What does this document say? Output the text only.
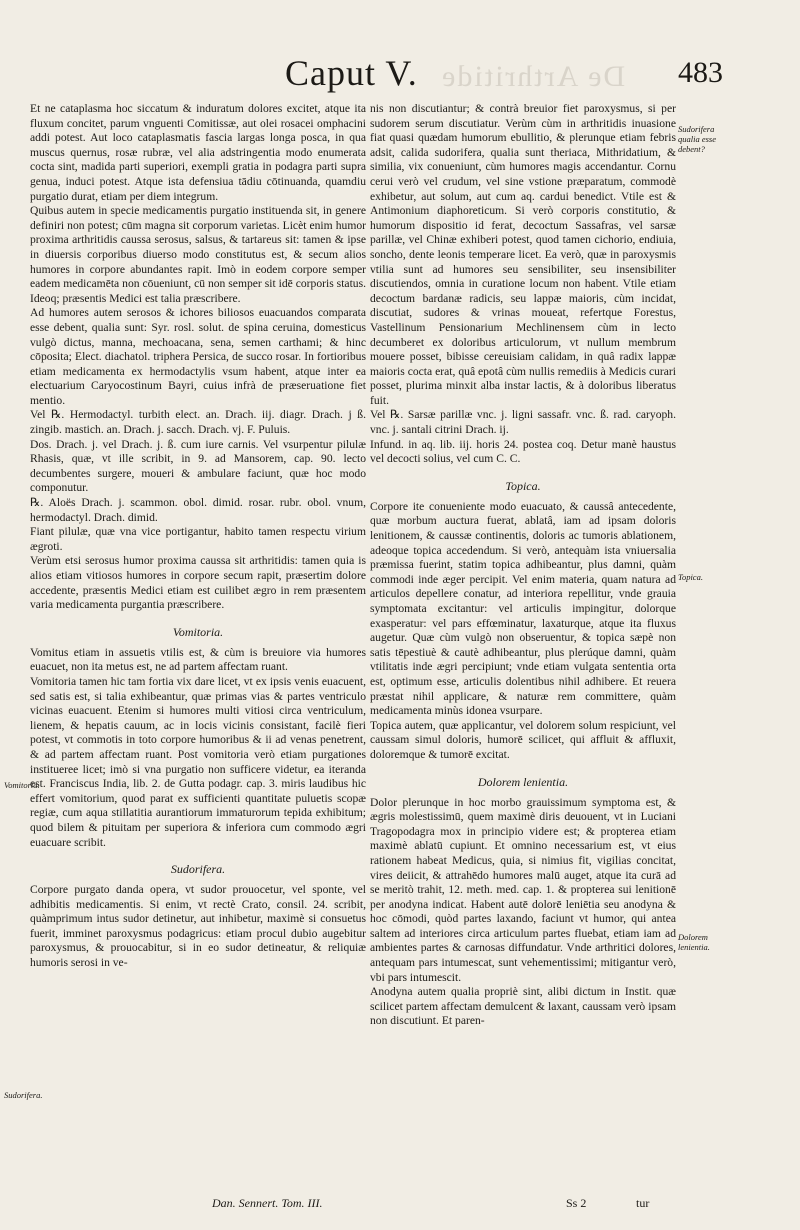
De Arthritide
Caput V.	483

Et ne cataplasma hoc siccatum & induratum dolores excitet, atque ita fluxum concitet, parum vnguenti Comitissæ, aut olei rosacei omphacini addi potest. Aut loco cataplasmatis fascia largas longa posca, in qua muscus quernus, rosæ rubræ, vel alia adstringentia modo enumerata cocta sint, madida parti superiori, exempli gratia in podagra parti supra genua, induci potest. Atque ista defensiua tādiu cōtinuanda, quamdiu purgatio durat, etiam per diem integrum.

Quibus autem in specie medicamentis purgatio instituenda sit, in genere definiri non potest; cūm magna sit corporum varietas. Licèt enim humor proxima arthritidis caussa serosus, salsus, & tartareus sit: tamen & ipse in diuersis corporibus diuerso modo constitutus est, & secum alios humores in corpore abundantes rapit. Imò in eodem corpore semper eadem medicamēta non cōueniunt, cū non semper sit idē corporis status. Ideoq; præsentis Medici est talia præscribere.

Ad humores autem serosos & ichores biliosos euacuandos comparata esse debent, qualia sunt: Syr. rosl. solut. de spina ceruina, domesticus vulgò dictus, manna, mechoacana, sena, semen carthami; & hinc cōposita; Elect. diachatol. triphera Persica, de succo rosar. In fortioribus etiam medicamenta ex hermodactylis vsum habent, atque inter ea electuarium Caryocostinum Bayri, cuius infrà de præseruatione fiet mentio.

Vel ℞. Hermodactyl. turbith elect. an. Drach. iij. diagr. Drach. j ß. zingib. mastich. an. Drach. j. sacch. Drach. vj. F. Puluis.

Dos. Drach. j. vel Drach. j. ß. cum iure carnis. Vel vsurpentur pilulæ Rhasis, quæ, vt ille scribit, in 9. ad Mansorem, cap. 90. lecto decumbentes surgere, moueri & ambulare faciunt, quæ hoc modo componutur.

℞. Aloës Drach. j. scammon. obol. dimid. rosar. rubr. obol. vnum, hermodactyl. Drach. dimid.

Fiant pilulæ, quæ vna vice portigantur, habito tamen respectu virium ægroti.

Verùm etsi serosus humor proxima caussa sit arthritidis: tamen quia is alios etiam vitiosos humores in corpore secum rapit, præsertim dolore accedente, præsentis Medici etiam est cuilibet ægro in rem præsentem varia medicamenta purgantia præscribere.

Vomitoria.

Vomitus etiam in assuetis vtilis est, & cùm is breuiore via humores euacuet, non ita metus est, ne ad partem affectam ruant.

Vomitoria tamen hic tam fortia vix dare licet, vt ex ipsis venis euacuent, sed satis est, si talia exhibeantur, quæ primas vias & partes ventriculo vicinas euacuent. Etenim si humores multi vitiosi circa ventriculum, lienem, & hepatis cauum, ac in locis vicinis consistant, facilè fieri potest, vt commotis in toto corpore humoribus & ii ad venas penetrent, & ad partem affectam ruant. Post vomitoria verò etiam purgationes institueree licet; imò si vna purgatio non sufficere videtur, ea iteranda est. Franciscus India, lib. 2. de Gutta podagr. cap. 3. miris laudibus hic effert vomitorium, quod parat ex sufficienti quantitate puluetis scopæ regiæ, cum aqua stillatitia aurantiorum immaturorum tepida exhibitum; quod bilem & pituitam per superiora & inferiora cum commodo ægri euacuare scribit.

Sudorifera.

Corpore purgato danda opera, vt sudor prouocetur, vel sponte, vel adhibitis medicamentis. Si enim, vt rectè Crato, consil. 24. scribit, quàmprimum intus sudor detinetur, aut inhibetur, maximè si consuetus fuerit, imminet paroxysmus podagricus: etiam procul dubio augebitur paroxysmus, & prouocabitur, si in eo sudor detineatur, & reliquiæ humoris serosi in ve-

nis non discutiantur; & contrà breuior fiet paroxysmus, si per sudorem serum discutiatur. Verùm cùm in arthritidis inuasione fiat quasi quædam humorum ebullitio, & plerunque etiam febris adsit, calida sudorifera, qualia sunt theriaca, Mithridatium, & similia, vix conueniunt, cùm humores magis accendantur. Cornu cerui verò vel crudum, vel sine vstione præparatum, commodè exhibetur, aut solum, aut cum aq. cardui benedict. Vtile est & Antimonium diaphoreticum. Si verò corporis constitutio, & humorum dispositio id ferat, decoctum Sassafras, vel sarsæ parillæ, vel Chinæ exhiberi potest, quod tamen cichorio, endiuia, soncho, dente leonis temperare licet. Ea verò, quæ in paroxysmis vtilia sunt ad humores seu sensibiliter, seu insensibiliter discutiendos, omnia in curatione locum non habent. Vtile etiam decoctum bardanæ radicis, seu lappæ maioris, cùm incidat, discutiat, sudores & vrinas moueat, refertque Forestus, Vastellinum Pensionarium Mechlinensem cùm in lecto decumberet ex doloribus articulorum, vt nullum membrum mouere posset, bibisse cereuisiam calidam, in quâ radix lappæ maioris cocta erat, quâ epotâ cùm nullis remediis à Medicis curari posset, plurima minxit alba instar lactis, & à doloribus liberatus fuit.

Vel ℞. Sarsæ parillæ vnc. j. ligni sassafr. vnc. ß. rad. caryoph. vnc. j. santali citrini Drach. ij.

Infund. in aq. lib. iij. horis 24. postea coq. Detur manè haustus vel decocti solius, vel cum C. C.

Topica.

Corpore ite conueniente modo euacuato, & caussâ antecedente, quæ morbum auctura fuerat, ablatâ, iam ad ipsam doloris lenitionem, & caussæ continentis, doloris ac tumoris ablationem, adeoque topica accedendum. Si verò, antequàm ista vniuersalia præmissa fuerint, statim topica adhibeantur, plus damni, quàm commodi inde æger percipit. Vel enim materia, quam natura ad articulos depellere conatur, ad interiora repellitur, vnde grauia symptomata excitantur: vel articulis impingitur, dolorque exasperatur: vel pars effœminatur, laxaturque, atque ita fluxus augetur. Quæ cùm vulgò non obseruentur, & topica sæpè non satis tēpestiuè & cautè adhibeantur, plus plerúque damni, quàm vtilitatis inde ægri percipiunt; vnde etiam vulgata sententia orta est, optimum esse, articulis dolentibus nihil adhibere. Et reuera præstat nihil applicare, & naturæ rem committere, quàm medicamenta minùs idonea vsurpare.

Topica autem, quæ applicantur, vel dolorem solum respiciunt, vel caussam simul doloris, humorē scilicet, qui affluit & affluxit, doloremque & tumorē excitat.

Dolorem lenientia.

Dolor plerunque in hoc morbo grauissimum symptoma est, & ægris molestissimū, quem maximè diris deuouent, vt in Luciani Tragopodagra mox in principio videre est; & propterea etiam maximè ablatū cupiunt. Et omnino necessarium est, vt eius rationem habeat Medicus, quia, si nimius fit, vigilias concitat, vires deiicit, & attrahēdo humores malū auget, atque ita curā ad se meritò trahit, 12. meth. med. cap. 1. & propterea sui lenitionē per anodyna indicat. Habent autē dolorē leniētia seu anodyna & hoc cōmodi, quòd partes laxando, faciunt vt humor, qui antea saltem ad interiores circa articulum partes fluebat, etiam iam ad ambientes partes & carnosas diffundatur. Vnde arthritici dolores, antequam pars intumescat, sunt vehementissimi; mitigantur verò, vbi pars intumescit.

Anodyna autem qualia propriè sint, alibi dictum in Instit. quæ scilicet partem affectam demulcent & laxant, caussam verò ipsam non discutiunt. Et paren-

Sudorifera qualia esse debent?
Topica.
Dolorem lenientia.
Vomitoria.
Sudorifera.
Dan. Sennert. Tom. III.	Ss 2	tur
